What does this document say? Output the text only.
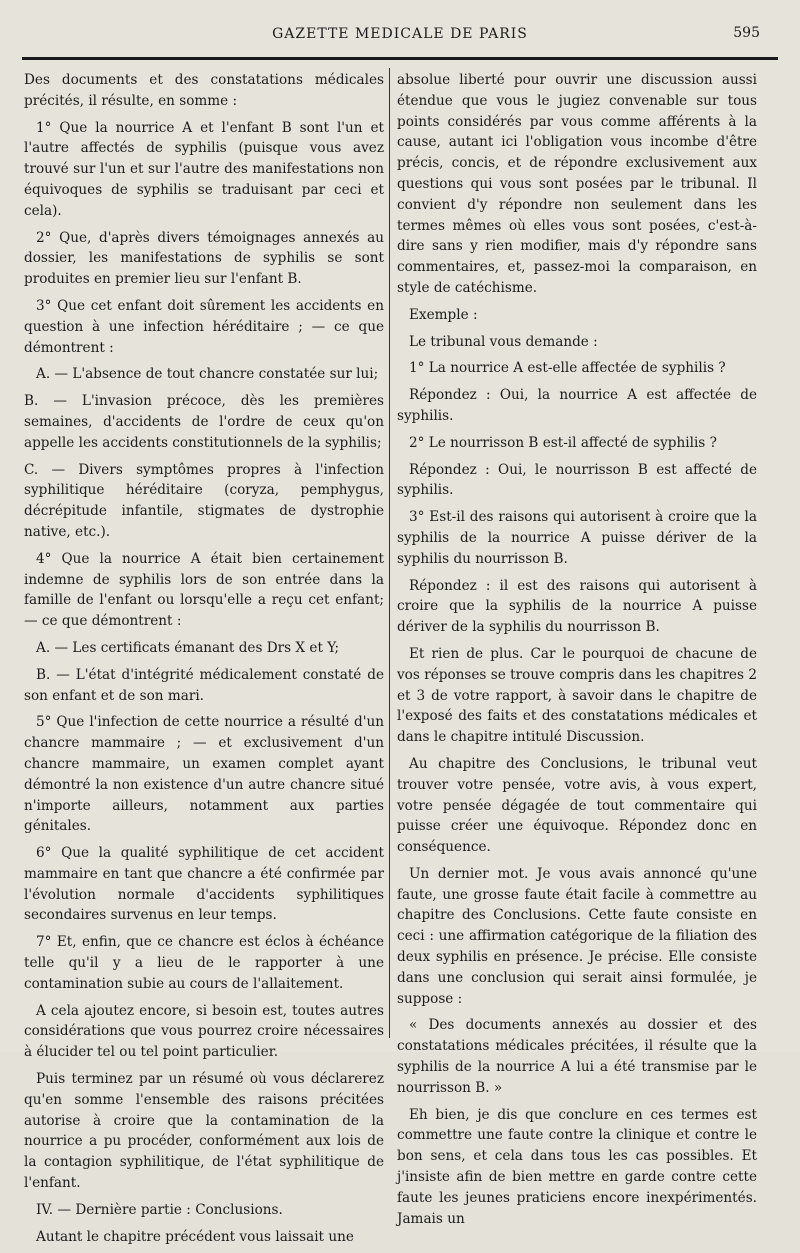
GAZETTE MEDICALE DE PARIS	595

Des documents et des constatations médicales précités, il résulte, en somme :

1° Que la nourrice A et l'enfant B sont l'un et l'autre affectés de syphilis (puisque vous avez trouvé sur l'un et sur l'autre des manifestations non équivoques de syphilis se traduisant par ceci et cela).

2° Que, d'après divers témoignages annexés au dossier, les manifestations de syphilis se sont produites en premier lieu sur l'enfant B.

3° Que cet enfant doit sûrement les accidents en question à une infection héréditaire ; — ce que démontrent :

A. — L'absence de tout chancre constatée sur lui;

B. — L'invasion précoce, dès les premières semaines, d'accidents de l'ordre de ceux qu'on appelle les accidents constitutionnels de la syphilis;

C. — Divers symptômes propres à l'infection syphilitique héréditaire (coryza, pemphygus, décrépitude infantile, stigmates de dystrophie native, etc.).

4° Que la nourrice A était bien certainement indemne de syphilis lors de son entrée dans la famille de l'enfant ou lorsqu'elle a reçu cet enfant; — ce que démontrent :

A. — Les certificats émanant des Drs X et Y;

B. — L'état d'intégrité médicalement constaté de son enfant et de son mari.

5° Que l'infection de cette nourrice a résulté d'un chancre mammaire ; — et exclusivement d'un chancre mammaire, un examen complet ayant démontré la non existence d'un autre chancre situé n'importe ailleurs, notamment aux parties génitales.

6° Que la qualité syphilitique de cet accident mammaire en tant que chancre a été confirmée par l'évolution normale d'accidents syphilitiques secondaires survenus en leur temps.

7° Et, enfin, que ce chancre est éclos à échéance telle qu'il y a lieu de le rapporter à une contamination subie au cours de l'allaitement.

A cela ajoutez encore, si besoin est, toutes autres considérations que vous pourrez croire nécessaires à élucider tel ou tel point particulier.

Puis terminez par un résumé où vous déclarerez qu'en somme l'ensemble des raisons précitées autorise à croire que la contamination de la nourrice a pu procéder, conformément aux lois de la contagion syphilitique, de l'état syphilitique de l'enfant.

IV. — Dernière partie : Conclusions.

Autant le chapitre précédent vous laissait une

absolue liberté pour ouvrir une discussion aussi étendue que vous le jugiez convenable sur tous points considérés par vous comme afférents à la cause, autant ici l'obligation vous incombe d'être précis, concis, et de répondre exclusivement aux questions qui vous sont posées par le tribunal. Il convient d'y répondre non seulement dans les termes mêmes où elles vous sont posées, c'est-à-dire sans y rien modifier, mais d'y répondre sans commentaires, et, passez-moi la comparaison, en style de catéchisme.

Exemple :

Le tribunal vous demande :

1° La nourrice A est-elle affectée de syphilis ?

Répondez : Oui, la nourrice A est affectée de syphilis.

2° Le nourrisson B est-il affecté de syphilis ?

Répondez : Oui, le nourrisson B est affecté de syphilis.

3° Est-il des raisons qui autorisent à croire que la syphilis de la nourrice A puisse dériver de la syphilis du nourrisson B.

Répondez : il est des raisons qui autorisent à croire que la syphilis de la nourrice A puisse dériver de la syphilis du nourrisson B.

Et rien de plus. Car le pourquoi de chacune de vos réponses se trouve compris dans les chapitres 2 et 3 de votre rapport, à savoir dans le chapitre de l'exposé des faits et des constatations médicales et dans le chapitre intitulé Discussion.

Au chapitre des Conclusions, le tribunal veut trouver votre pensée, votre avis, à vous expert, votre pensée dégagée de tout commentaire qui puisse créer une équivoque. Répondez donc en conséquence.

Un dernier mot. Je vous avais annoncé qu'une faute, une grosse faute était facile à commettre au chapitre des Conclusions. Cette faute consiste en ceci : une affirmation catégorique de la filiation des deux syphilis en présence. Je précise. Elle consiste dans une conclusion qui serait ainsi formulée, je suppose :

« Des documents annexés au dossier et des constatations médicales précitées, il résulte que la syphilis de la nourrice A lui a été transmise par le nourrisson B. »

Eh bien, je dis que conclure en ces termes est commettre une faute contre la clinique et contre le bon sens, et cela dans tous les cas possibles. Et j'insiste afin de bien mettre en garde contre cette faute les jeunes praticiens encore inexpérimentés. Jamais un
